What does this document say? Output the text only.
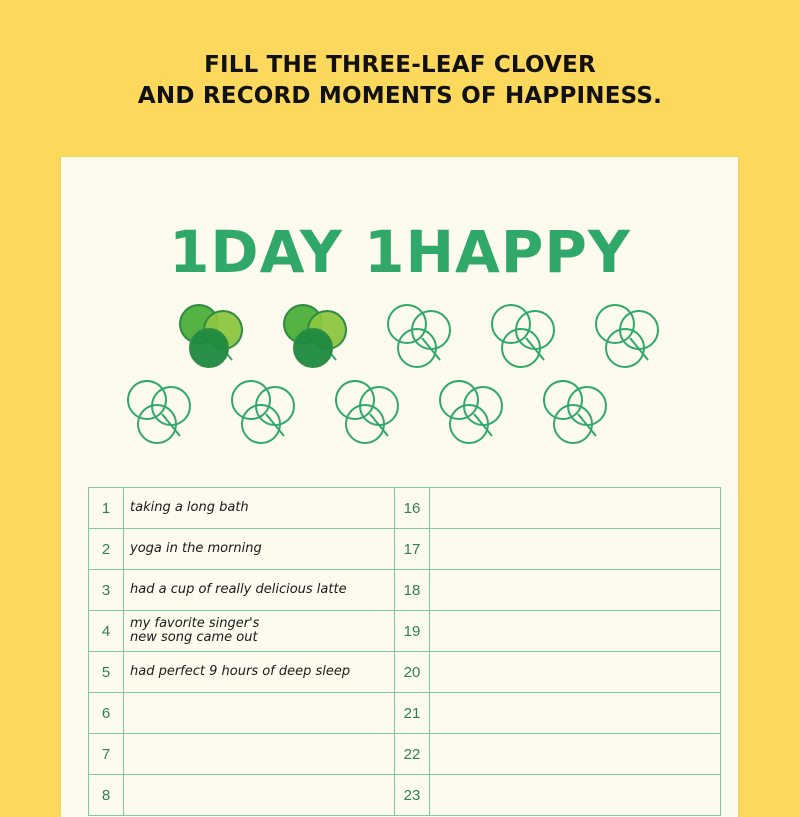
FILL THE THREE-LEAF CLOVER
AND RECORD MOMENTS OF HAPPINESS.
1DAY 1HAPPY
1	taking a long bath	16	
2	yoga in the morning	17	
3	had a cup of really delicious latte	18	
4	my favorite singer's
new song came out	19	
5	had perfect 9 hours of deep sleep	20	
6		21	
7		22	
8		23	
